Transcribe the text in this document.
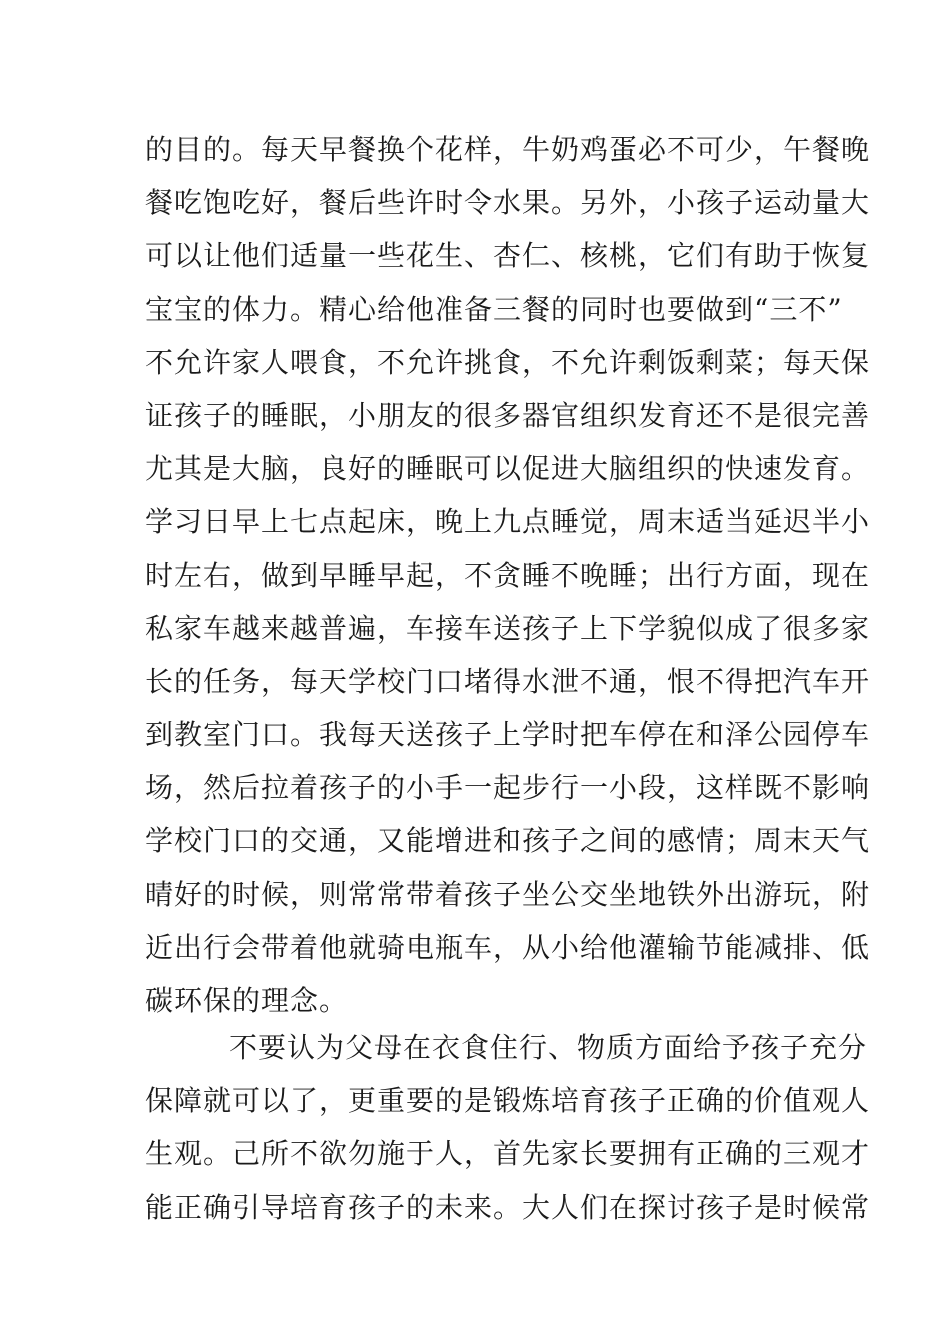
的目的。每天早餐换个花样，牛奶鸡蛋必不可少，午餐晚
餐吃饱吃好，餐后些许时令水果。另外，小孩子运动量大
可以让他们适量一些花生、杏仁、核桃，它们有助于恢复
宝宝的体力。精心给他准备三餐的同时也要做到“三不”
不允许家人喂食，不允许挑食，不允许剩饭剩菜；每天保
证孩子的睡眠，小朋友的很多器官组织发育还不是很完善
尤其是大脑，良好的睡眠可以促进大脑组织的快速发育。
学习日早上七点起床，晚上九点睡觉，周末适当延迟半小
时左右，做到早睡早起，不贪睡不晚睡；出行方面，现在
私家车越来越普遍，车接车送孩子上下学貌似成了很多家
长的任务，每天学校门口堵得水泄不通，恨不得把汽车开
到教室门口。我每天送孩子上学时把车停在和泽公园停车
场，然后拉着孩子的小手一起步行一小段，这样既不影响
学校门口的交通，又能增进和孩子之间的感情；周末天气
晴好的时候，则常常带着孩子坐公交坐地铁外出游玩，附
近出行会带着他就骑电瓶车，从小给他灌输节能减排、低
碳环保的理念。
不要认为父母在衣食住行、物质方面给予孩子充分
保障就可以了，更重要的是锻炼培育孩子正确的价值观人
生观。己所不欲勿施于人，首先家长要拥有正确的三观才
能正确引导培育孩子的未来。大人们在探讨孩子是时候常
